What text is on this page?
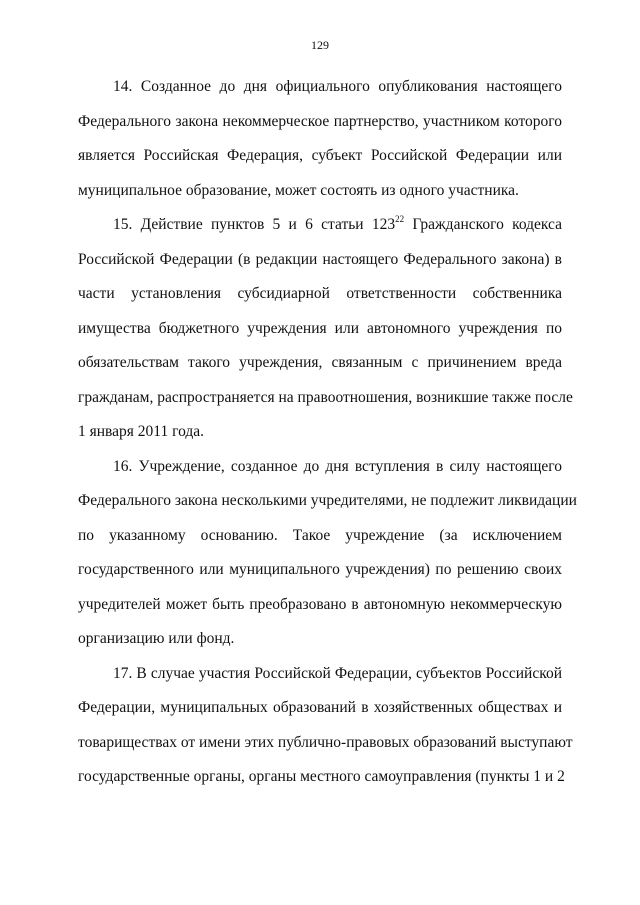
129
14. Созданное до дня официального опубликования настоящего
Федерального закона некоммерческое партнерство, участником которого
является Российская Федерация, субъект Российской Федерации или
муниципальное образование, может состоять из одного участника.
15. Действие пунктов 5 и 6 статьи $123^{22}$ Гражданского кодекса
Российской Федерации (в редакции настоящего Федерального закона) в
части установления субсидиарной ответственности собственника
имущества бюджетного учреждения или автономного учреждения по
обязательствам такого учреждения, связанным с причинением вреда
гражданам, распространяется на правоотношения, возникшие также после
1 января 2011 года.
16. Учреждение, созданное до дня вступления в силу настоящего
Федерального закона несколькими учредителями, не подлежит ликвидации
по указанному основанию. Такое учреждение (за исключением
государственного или муниципального учреждения) по решению своих
учредителей может быть преобразовано в автономную некоммерческую
организацию или фонд.
17. В случае участия Российской Федерации, субъектов Российской
Федерации, муниципальных образований в хозяйственных обществах и
товариществах от имени этих публично-правовых образований выступают
государственные органы, органы местного самоуправления (пункты 1 и 2
